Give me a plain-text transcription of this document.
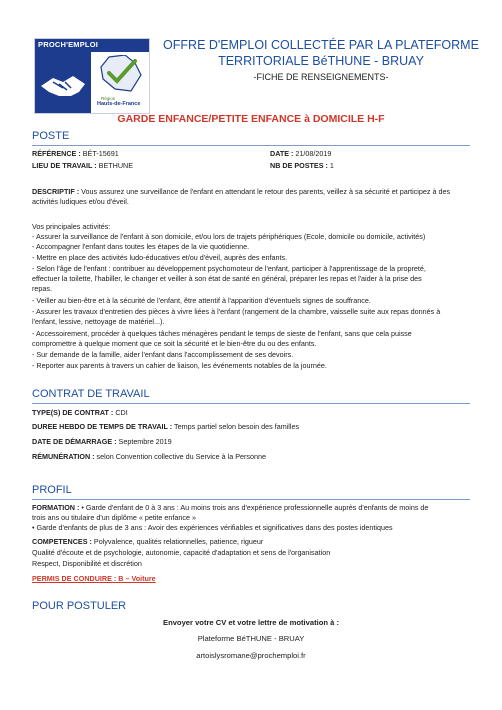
PROCH'EMPLOI
Région
Hauts-de-France
OFFRE D'EMPLOI COLLECTÉE PAR LA PLATEFORME
TERRITORIALE BéTHUNE - BRUAY
-FICHE DE RENSEIGNEMENTS-
GARDE ENFANCE/PETITE ENFANCE à DOMICILE H-F
POSTE
RÉFÉRENCE : BÉT-15691	DATE : 21/08/2019
LIEU DE TRAVAIL : BETHUNE	NB DE POSTES : 1
DESCRIPTIF : Vous assurez une surveillance de l'enfant en attendant le retour des parents, veillez à sa sécurité et participez à des
activités ludiques et/ou d'éveil.
Vos principales activités:
- Assurer la surveillance de l'enfant à son domicile, et/ou lors de trajets périphériques (Ecole, domicile ou domicile, activités)
- Accompagner l'enfant dans toutes les étapes de la vie quotidienne.
- Mettre en place des activités ludo-éducatives et/ou d'éveil, auprès des enfants.
- Selon l'âge de l'enfant : contribuer au développement psychomoteur de l'enfant, participer à l'apprentissage de la propreté,
effectuer la toilette, l'habiller, le changer et veiller à son état de santé en général, préparer les repas et l'aider à la prise des
repas.
- Veiller au bien-être et à la sécurité de l'enfant, être attentif à l'apparition d'éventuels signes de souffrance.
- Assurer les travaux d'entretien des pièces à vivre liées à l'enfant (rangement de la chambre, vaisselle suite aux repas donnés à
l'enfant, lessive, nettoyage de matériel...).
- Accessoirement, procéder à quelques tâches ménagères pendant le temps de sieste de l'enfant, sans que cela puisse
compromettre à quelque moment que ce soit la sécurité et le bien-être du ou des enfants.
- Sur demande de la famille, aider l'enfant dans l'accomplissement de ses devoirs.
- Reporter aux parents à travers un cahier de liaison, les événements notables de la journée.
CONTRAT DE TRAVAIL
TYPE(S) DE CONTRAT : CDI
DUREE HEBDO DE TEMPS DE TRAVAIL : Temps partiel selon besoin des familles
DATE DE DÉMARRAGE : Septembre 2019
RÉMUNÉRATION : selon Convention collective du Service à la Personne
PROFIL
FORMATION : • Garde d'enfant de 0 à 3 ans : Au moins trois ans d'expérience professionnelle auprès d'enfants de moins de
trois ans ou titulaire d'un diplôme « petite enfance »
• Garde d'enfants de plus de 3 ans : Avoir des expériences vérifiables et significatives dans des postes identiques
COMPETENCES : Polyvalence, qualités relationnelles, patience, rigueur
Qualité d'écoute et de psychologie, autonomie, capacité d'adaptation et sens de l'organisation
Respect, Disponibilité et discrétion
PERMIS DE CONDUIRE : B – Voiture
POUR POSTULER
Envoyer votre CV et votre lettre de motivation à :
Plateforme BéTHUNE - BRUAY
artoislysromane@prochemploi.fr
